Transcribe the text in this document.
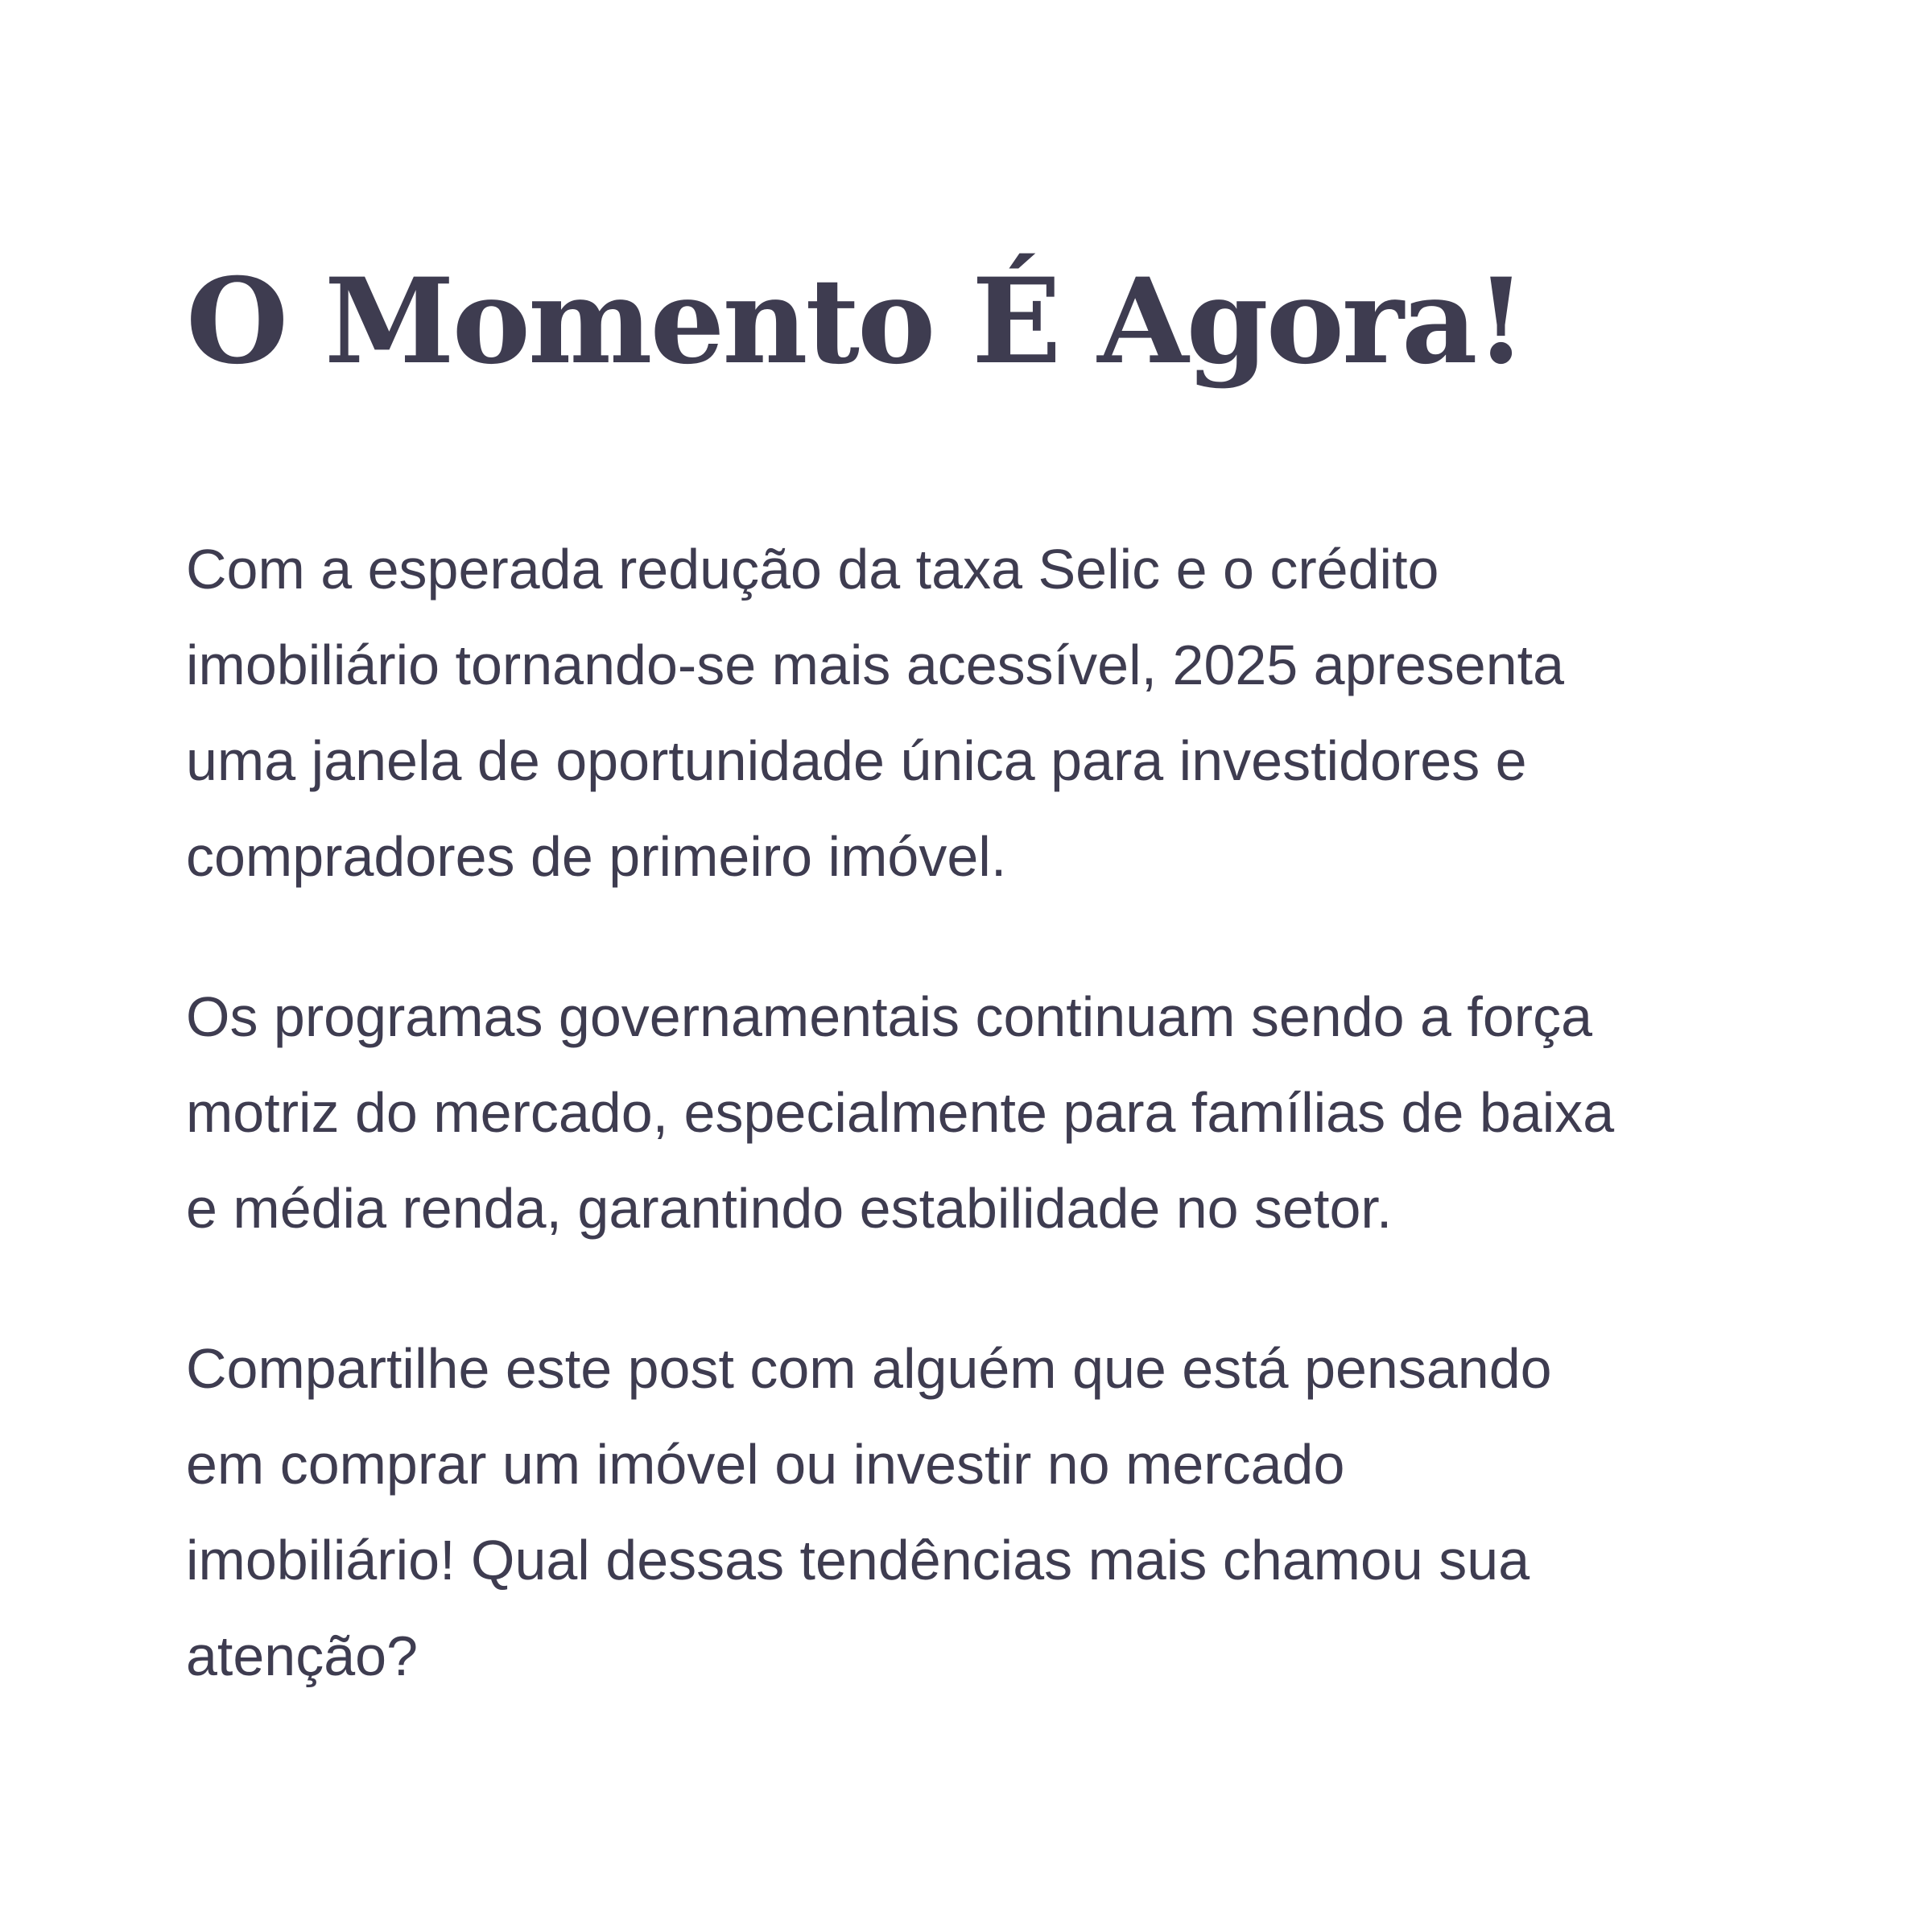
O Momento É Agora!

Com a esperada redução da taxa Selic e o crédito
imobiliário tornando-se mais acessível, 2025 apresenta
uma janela de oportunidade única para investidores e
compradores de primeiro imóvel.

Os programas governamentais continuam sendo a força
motriz do mercado, especialmente para famílias de baixa
e média renda, garantindo estabilidade no setor.

Compartilhe este post com alguém que está pensando
em comprar um imóvel ou investir no mercado
imobiliário! Qual dessas tendências mais chamou sua
atenção?
